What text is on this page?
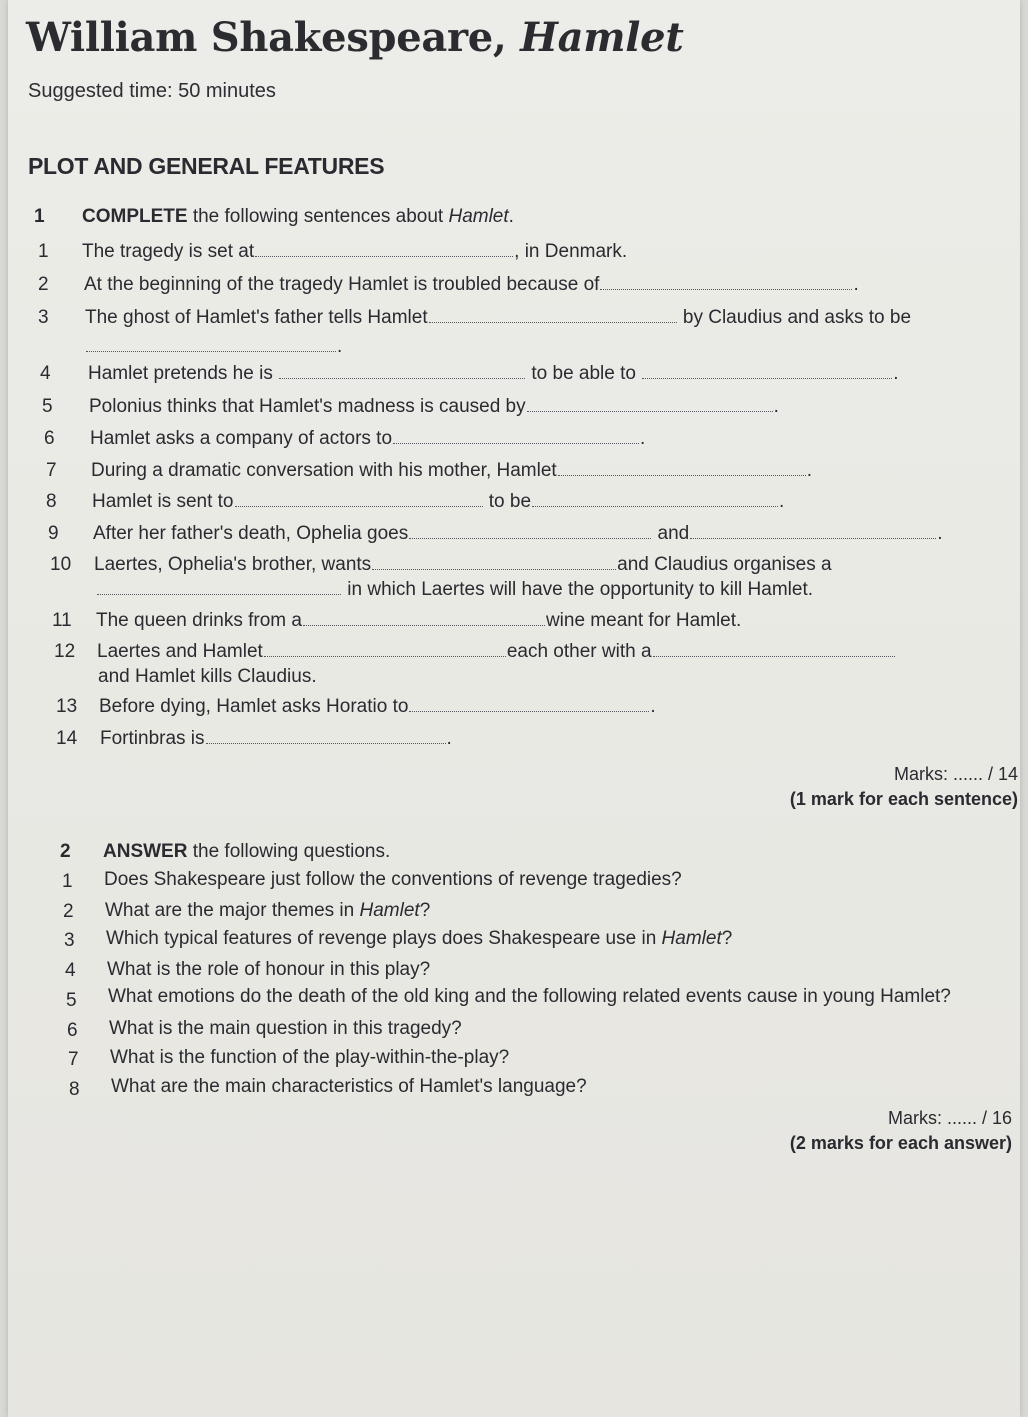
William Shakespeare, Hamlet
Suggested time: 50 minutes
PLOT AND GENERAL FEATURES
1 COMPLETE the following sentences about Hamlet.
1 The tragedy is set at	, in Denmark.
2 At the beginning of the tragedy Hamlet is troubled because of	.
3 The ghost of Hamlet's father tells Hamlet	by Claudius and asks to be
.
4 Hamlet pretends he is	to be able to	.
5 Polonius thinks that Hamlet's madness is caused by	.
6 Hamlet asks a company of actors to	.
7 During a dramatic conversation with his mother, Hamlet	.
8 Hamlet is sent to	to be	.
9 After her father's death, Ophelia goes	and	.
10 Laertes, Ophelia's brother, wants	and Claudius organises a
in which Laertes will have the opportunity to kill Hamlet.
11 The queen drinks from a	wine meant for Hamlet.
12 Laertes and Hamlet	each other with a
and Hamlet kills Claudius.
13 Before dying, Hamlet asks Horatio to	.
14 Fortinbras is	.
Marks: ...... / 14
(1 mark for each sentence)
2 ANSWER the following questions.
1 Does Shakespeare just follow the conventions of revenge tragedies?
2 What are the major themes in Hamlet?
3 Which typical features of revenge plays does Shakespeare use in Hamlet?
4 What is the role of honour in this play?
5 What emotions do the death of the old king and the following related events cause in young Hamlet?
6 What is the main question in this tragedy?
7 What is the function of the play-within-the-play?
8 What are the main characteristics of Hamlet's language?
Marks: ...... / 16
(2 marks for each answer)
